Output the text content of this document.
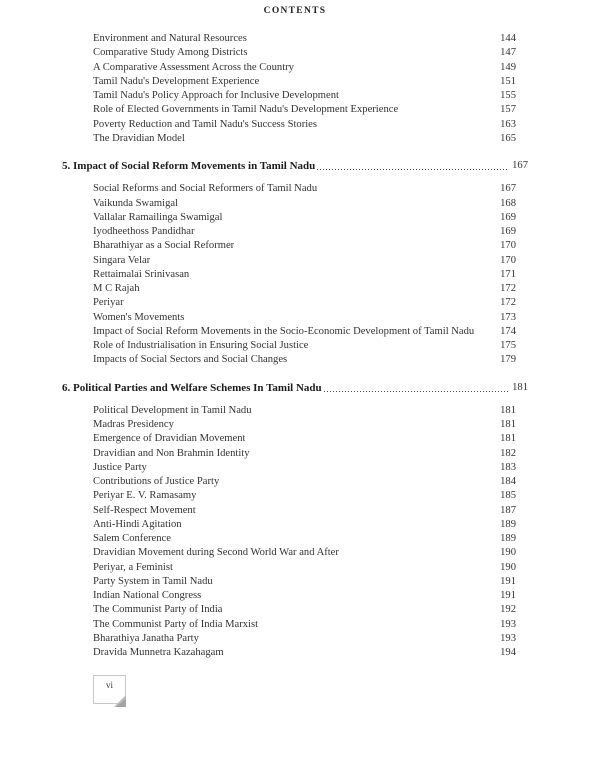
CONTENTS
Environment and Natural Resources	144
Comparative Study Among Districts	147
A Comparative Assessment Across the Country	149
Tamil Nadu's Development Experience	151
Tamil Nadu's Policy Approach for Inclusive Development	155
Role of Elected Governments in Tamil Nadu's Development Experience	157
Poverty Reduction and Tamil Nadu's Success Stories	163
The Dravidian Model	165
5. Impact of Social Reform Movements in Tamil Nadu	167
Social Reforms and Social Reformers of Tamil Nadu	167
Vaikunda Swamigal	168
Vallalar Ramailinga Swamigal	169
Iyodheethoss Pandidhar	169
Bharathiyar as a Social Reformer	170
Singara Velar	170
Rettaimalai Srinivasan	171
M C Rajah	172
Periyar	172
Women's Movements	173
Impact of Social Reform Movements in the Socio-Economic Development of Tamil Nadu 174
Role of Industrialisation in Ensuring Social Justice	175
Impacts of Social Sectors and Social Changes	179
6. Political Parties and Welfare Schemes In Tamil Nadu	181
Political Development in Tamil Nadu	181
Madras Presidency	181
Emergence of Dravidian Movement	181
Dravidian and Non Brahmin Identity	182
Justice Party	183
Contributions of Justice Party	184
Periyar E. V. Ramasamy	185
Self-Respect Movement	187
Anti-Hindi Agitation	189
Salem Conference	189
Dravidian Movement during Second World War and After	190
Periyar, a Feminist	190
Party System in Tamil Nadu	191
Indian National Congress	191
The Communist Party of India	192
The Communist Party of India Marxist	193
Bharathiya Janatha Party	193
Dravida Munnetra Kazahagam	194
vi
